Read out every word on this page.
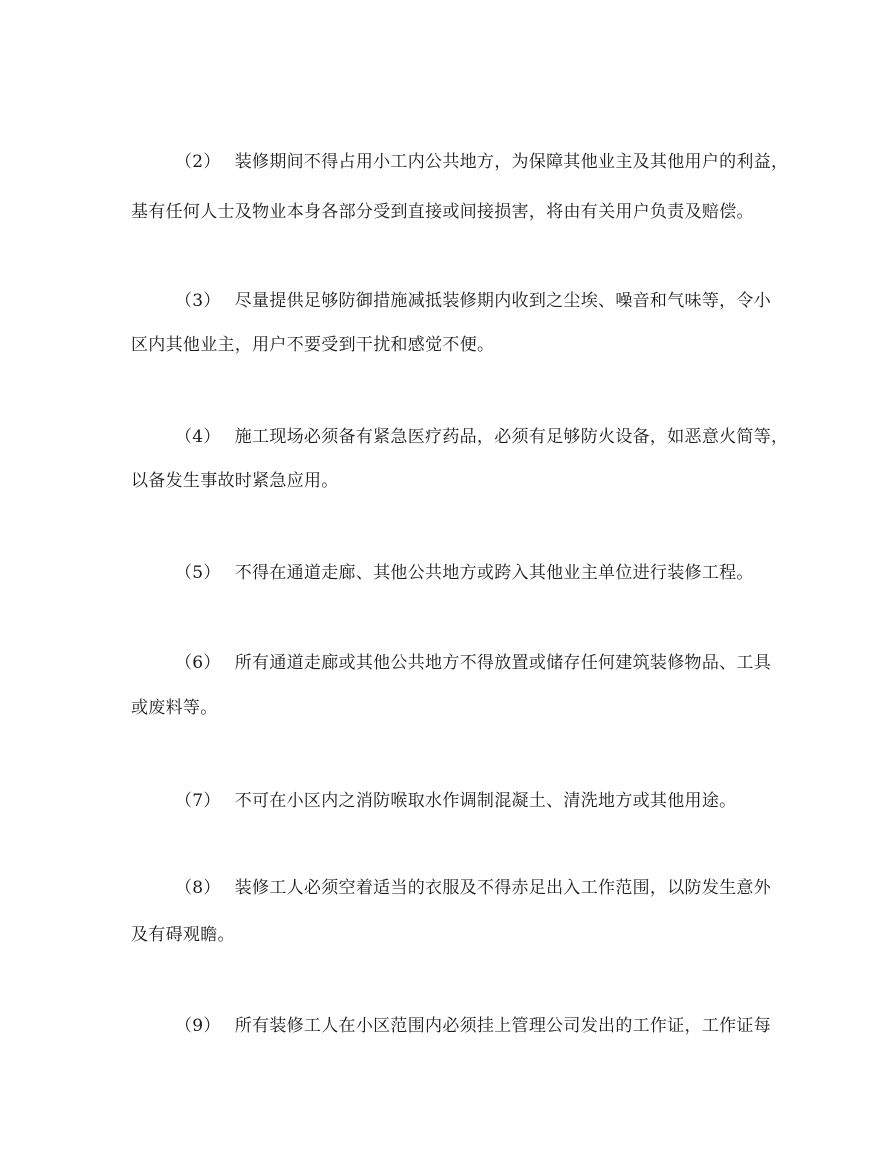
（2） 装修期间不得占用小工内公共地方，为保障其他业主及其他用户的利益，
基有任何人士及物业本身各部分受到直接或间接损害，将由有关用户负责及赔偿。
（3） 尽量提供足够防御措施减抵装修期内收到之尘埃、噪音和气味等，令小
区内其他业主，用户不要受到干扰和感觉不便。
（4） 施工现场必须备有紧急医疗药品，必须有足够防火设备，如恶意火简等，
以备发生事故时紧急应用。
（5） 不得在通道走廊、其他公共地方或跨入其他业主单位进行装修工程。
（6） 所有通道走廊或其他公共地方不得放置或储存任何建筑装修物品、工具
或废料等。
（7） 不可在小区内之消防喉取水作调制混凝土、清洗地方或其他用途。
（8） 装修工人必须空着适当的衣服及不得赤足出入工作范围，以防发生意外
及有碍观瞻。
（9） 所有装修工人在小区范围内必须挂上管理公司发出的工作证，工作证每
